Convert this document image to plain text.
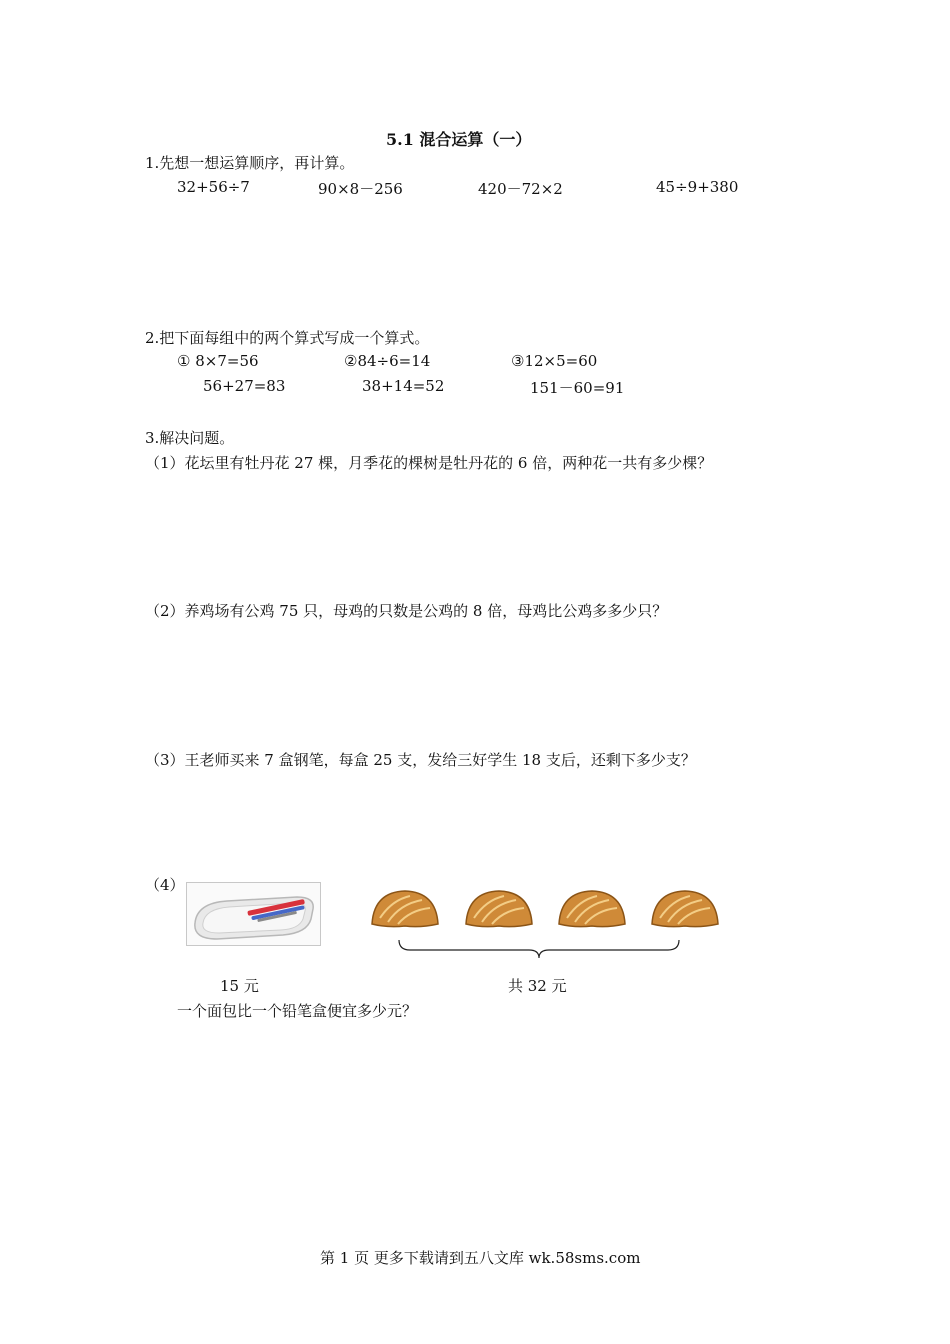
5.1 混合运算（一）
1.先想一想运算顺序，再计算。
32+56÷7	90×8－256	420－72×2	45÷9+380
2.把下面每组中的两个算式写成一个算式。
① 8×7=56
56+27=83
②84÷6=14
38+14=52
③12×5=60
151－60=91
3.解决问题。
（1）花坛里有牡丹花 27 棵，月季花的棵树是牡丹花的 6 倍，两种花一共有多少棵？
（2）养鸡场有公鸡 75 只，母鸡的只数是公鸡的 8 倍，母鸡比公鸡多多少只？
（3）王老师买来 7 盒钢笔，每盒 25 支，发给三好学生 18 支后，还剩下多少支？
（4）
15 元	共 32 元
一个面包比一个铅笔盒便宜多少元？
第 1 页 更多下载请到五八文库 wk.58sms.com
